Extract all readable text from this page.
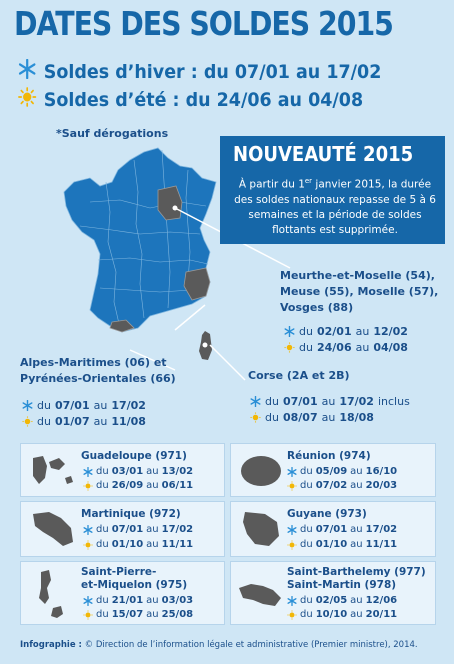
DATES DES SOLDES 2015
Soldes d’hiver : du 07/01 au 17/02
Soldes d’été : du 24/06 au 04/08
*Sauf dérogations
NOUVEAUTÉ 2015
À partir du 1er janvier 2015, la durée des soldes nationaux repasse de 5 à 6 semaines et la période de soldes flottants est supprimée.
Meurthe-et-Moselle (54),
Meuse (55), Moselle (57),
Vosges (88)
du 02/01 au 12/02
du 24/06 au 04/08
Alpes-Maritimes (06) et
Pyrénées-Orientales (66)
du 07/01 au 17/02
du 01/07 au 11/08
Corse (2A et 2B)
du 07/01 au 17/02 inclus
du 08/07 au 18/08
Guadeloupe (971)
du 03/01 au 13/02
du 26/09 au 06/11
Réunion (974)
du 05/09 au 16/10
du 07/02 au 20/03
Martinique (972)
du 07/01 au 17/02
du 01/10 au 11/11
Guyane (973)
du 07/01 au 17/02
du 01/10 au 11/11
Saint-Pierre-
et-Miquelon (975)
du 21/01 au 03/03
du 15/07 au 25/08
Saint-Barthelemy (977)
Saint-Martin (978)
du 02/05 au 12/06
du 10/10 au 20/11
Infographie : © Direction de l’information légale et administrative (Premier ministre), 2014.
